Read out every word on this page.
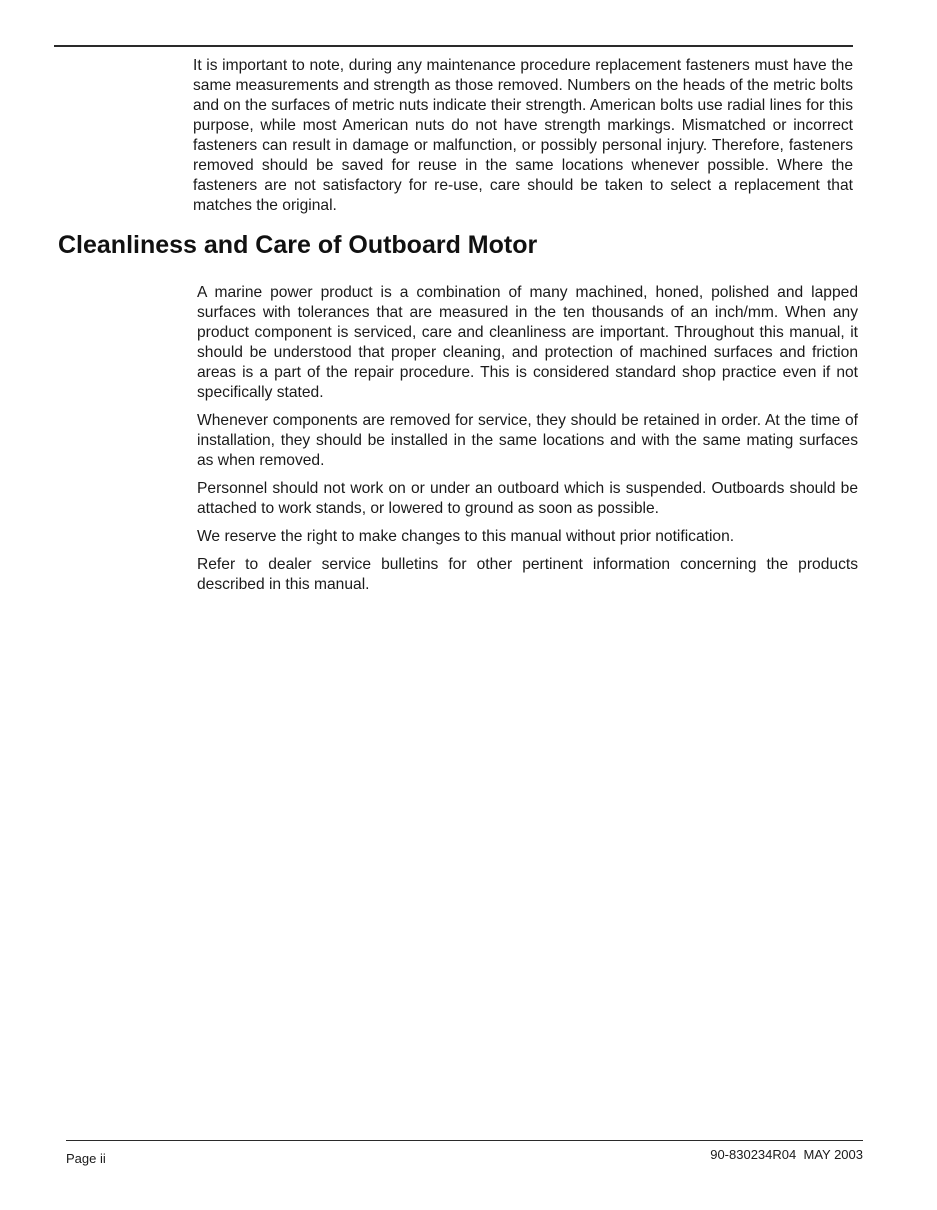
It is important to note, during any maintenance procedure replacement fasteners must have the same measurements and strength as those removed. Numbers on the heads of the metric bolts and on the surfaces of metric nuts indicate their strength. American bolts use radial lines for this purpose, while most American nuts do not have strength markings. Mismatched or incorrect fasteners can result in damage or malfunction, or possibly personal injury. Therefore, fasteners removed should be saved for reuse in the same locations whenever possible. Where the fasteners are not satisfactory for re-use, care should be taken to select a replacement that matches the original.

Cleanliness and Care of Outboard Motor

A marine power product is a combination of many machined, honed, polished and lapped surfaces with tolerances that are measured in the ten thousands of an inch/mm. When any product component is serviced, care and cleanliness are important. Throughout this manual, it should be understood that proper cleaning, and protection of machined surfaces and friction areas is a part of the repair procedure. This is considered standard shop practice even if not specifically stated.

Whenever components are removed for service, they should be retained in order. At the time of installation, they should be installed in the same locations and with the same mating surfaces as when removed.

Personnel should not work on or under an outboard which is suspended. Outboards should be attached to work stands, or lowered to ground as soon as possible.

We reserve the right to make changes to this manual without prior notification.

Refer to dealer service bulletins for other pertinent information concerning the products described in this manual.

Page ii	90-830234R04 MAY 2003
